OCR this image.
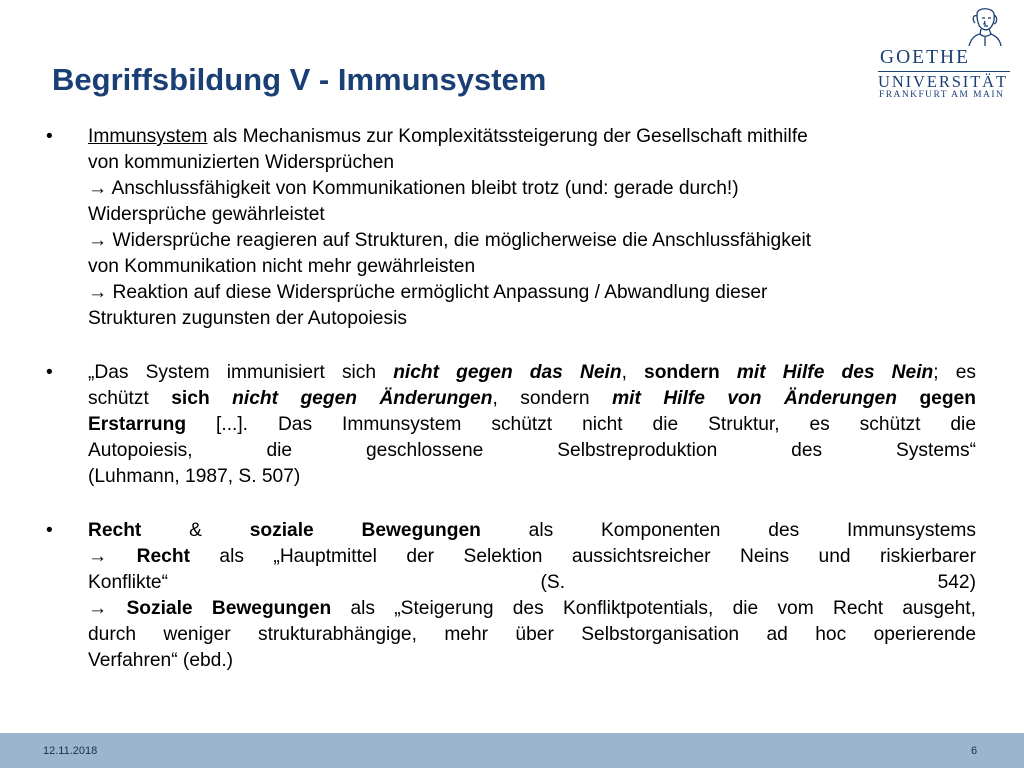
Begriffsbildung V - Immunsystem
GOETHE
UNIVERSITÄT
FRANKFURT AM MAIN
• Immunsystem als Mechanismus zur Komplexitätssteigerung der Gesellschaft mithilfe
von kommunizierten Widersprüchen
→ Anschlussfähigkeit von Kommunikationen bleibt trotz (und: gerade durch!)
Widersprüche gewährleistet
→ Widersprüche reagieren auf Strukturen, die möglicherweise die Anschlussfähigkeit
von Kommunikation nicht mehr gewährleisten
→ Reaktion auf diese Widersprüche ermöglicht Anpassung / Abwandlung dieser
Strukturen zugunsten der Autopoiesis
• „Das System immunisiert sich nicht gegen das Nein, sondern mit Hilfe des Nein; es
schützt sich nicht gegen Änderungen, sondern mit Hilfe von Änderungen gegen
Erstarrung [...]. Das Immunsystem schützt nicht die Struktur, es schützt die
Autopoiesis, die geschlossene Selbstreproduktion des Systems“
(Luhmann, 1987, S. 507)
• Recht & soziale Bewegungen als Komponenten des Immunsystems
→ Recht als „Hauptmittel der Selektion aussichtsreicher Neins und riskierbarer
Konflikte“ (S. 542)
→ Soziale Bewegungen als „Steigerung des Konfliktpotentials, die vom Recht ausgeht,
durch weniger strukturabhängige, mehr über Selbstorganisation ad hoc operierende
Verfahren“ (ebd.)
12.11.2018	6
